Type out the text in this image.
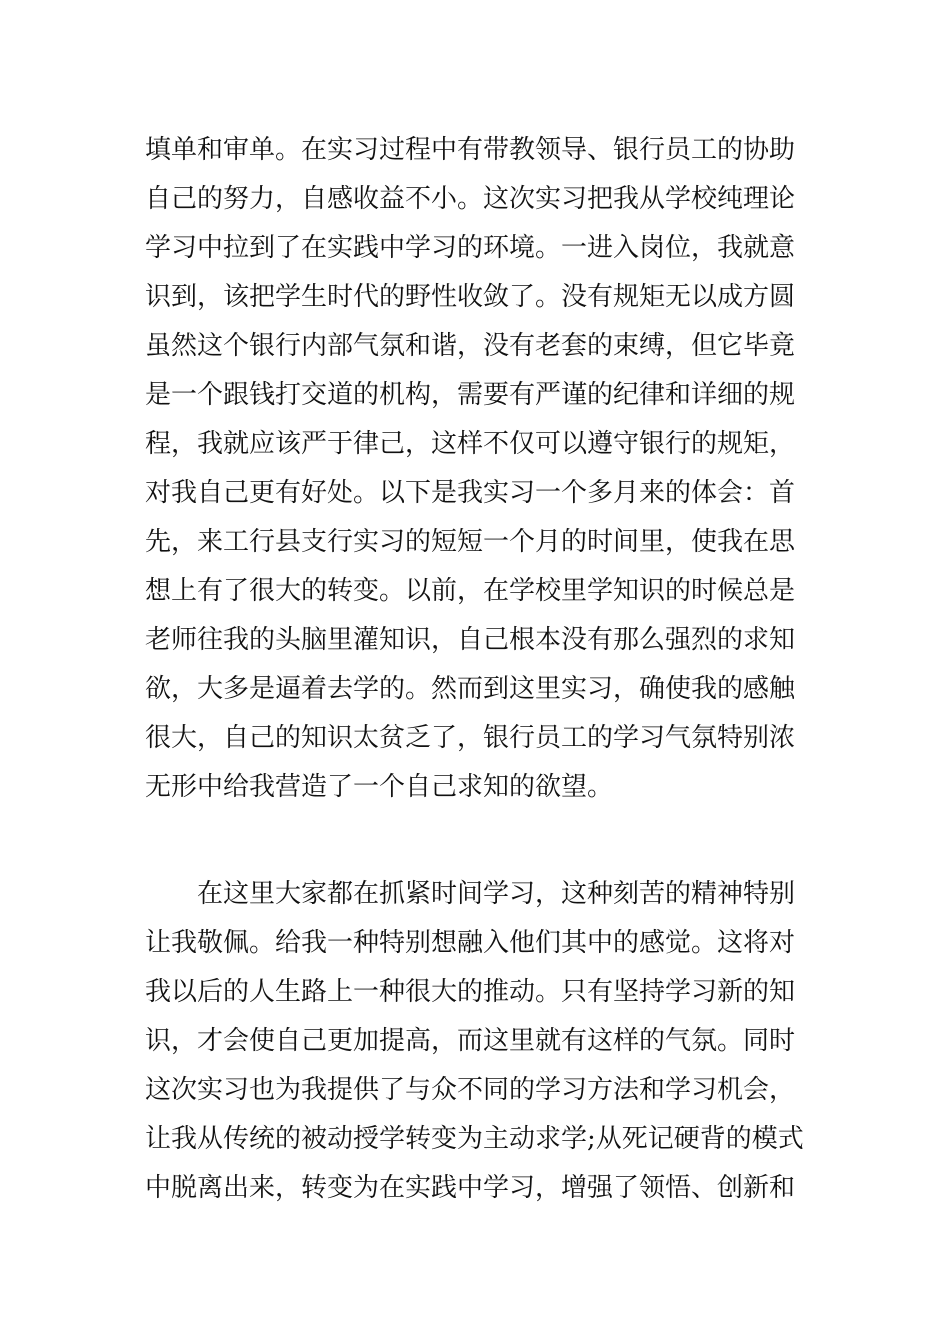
填单和审单。在实习过程中有带教领导、银行员工的协助
自己的努力，自感收益不小。这次实习把我从学校纯理论
学习中拉到了在实践中学习的环境。一进入岗位，我就意
识到，该把学生时代的野性收敛了。没有规矩无以成方圆
虽然这个银行内部气氛和谐，没有老套的束缚，但它毕竟
是一个跟钱打交道的机构，需要有严谨的纪律和详细的规
程，我就应该严于律己，这样不仅可以遵守银行的规矩，
对我自己更有好处。以下是我实习一个多月来的体会：首
先，来工行县支行实习的短短一个月的时间里，使我在思
想上有了很大的转变。以前，在学校里学知识的时候总是
老师往我的头脑里灌知识，自己根本没有那么强烈的求知
欲，大多是逼着去学的。然而到这里实习，确使我的感触
很大，自己的知识太贫乏了，银行员工的学习气氛特别浓
无形中给我营造了一个自己求知的欲望。
在这里大家都在抓紧时间学习，这种刻苦的精神特别
让我敬佩。给我一种特别想融入他们其中的感觉。这将对
我以后的人生路上一种很大的推动。只有坚持学习新的知
识，才会使自己更加提高，而这里就有这样的气氛。同时
这次实习也为我提供了与众不同的学习方法和学习机会，
让我从传统的被动授学转变为主动求学;从死记硬背的模式
中脱离出来，转变为在实践中学习，增强了领悟、创新和
